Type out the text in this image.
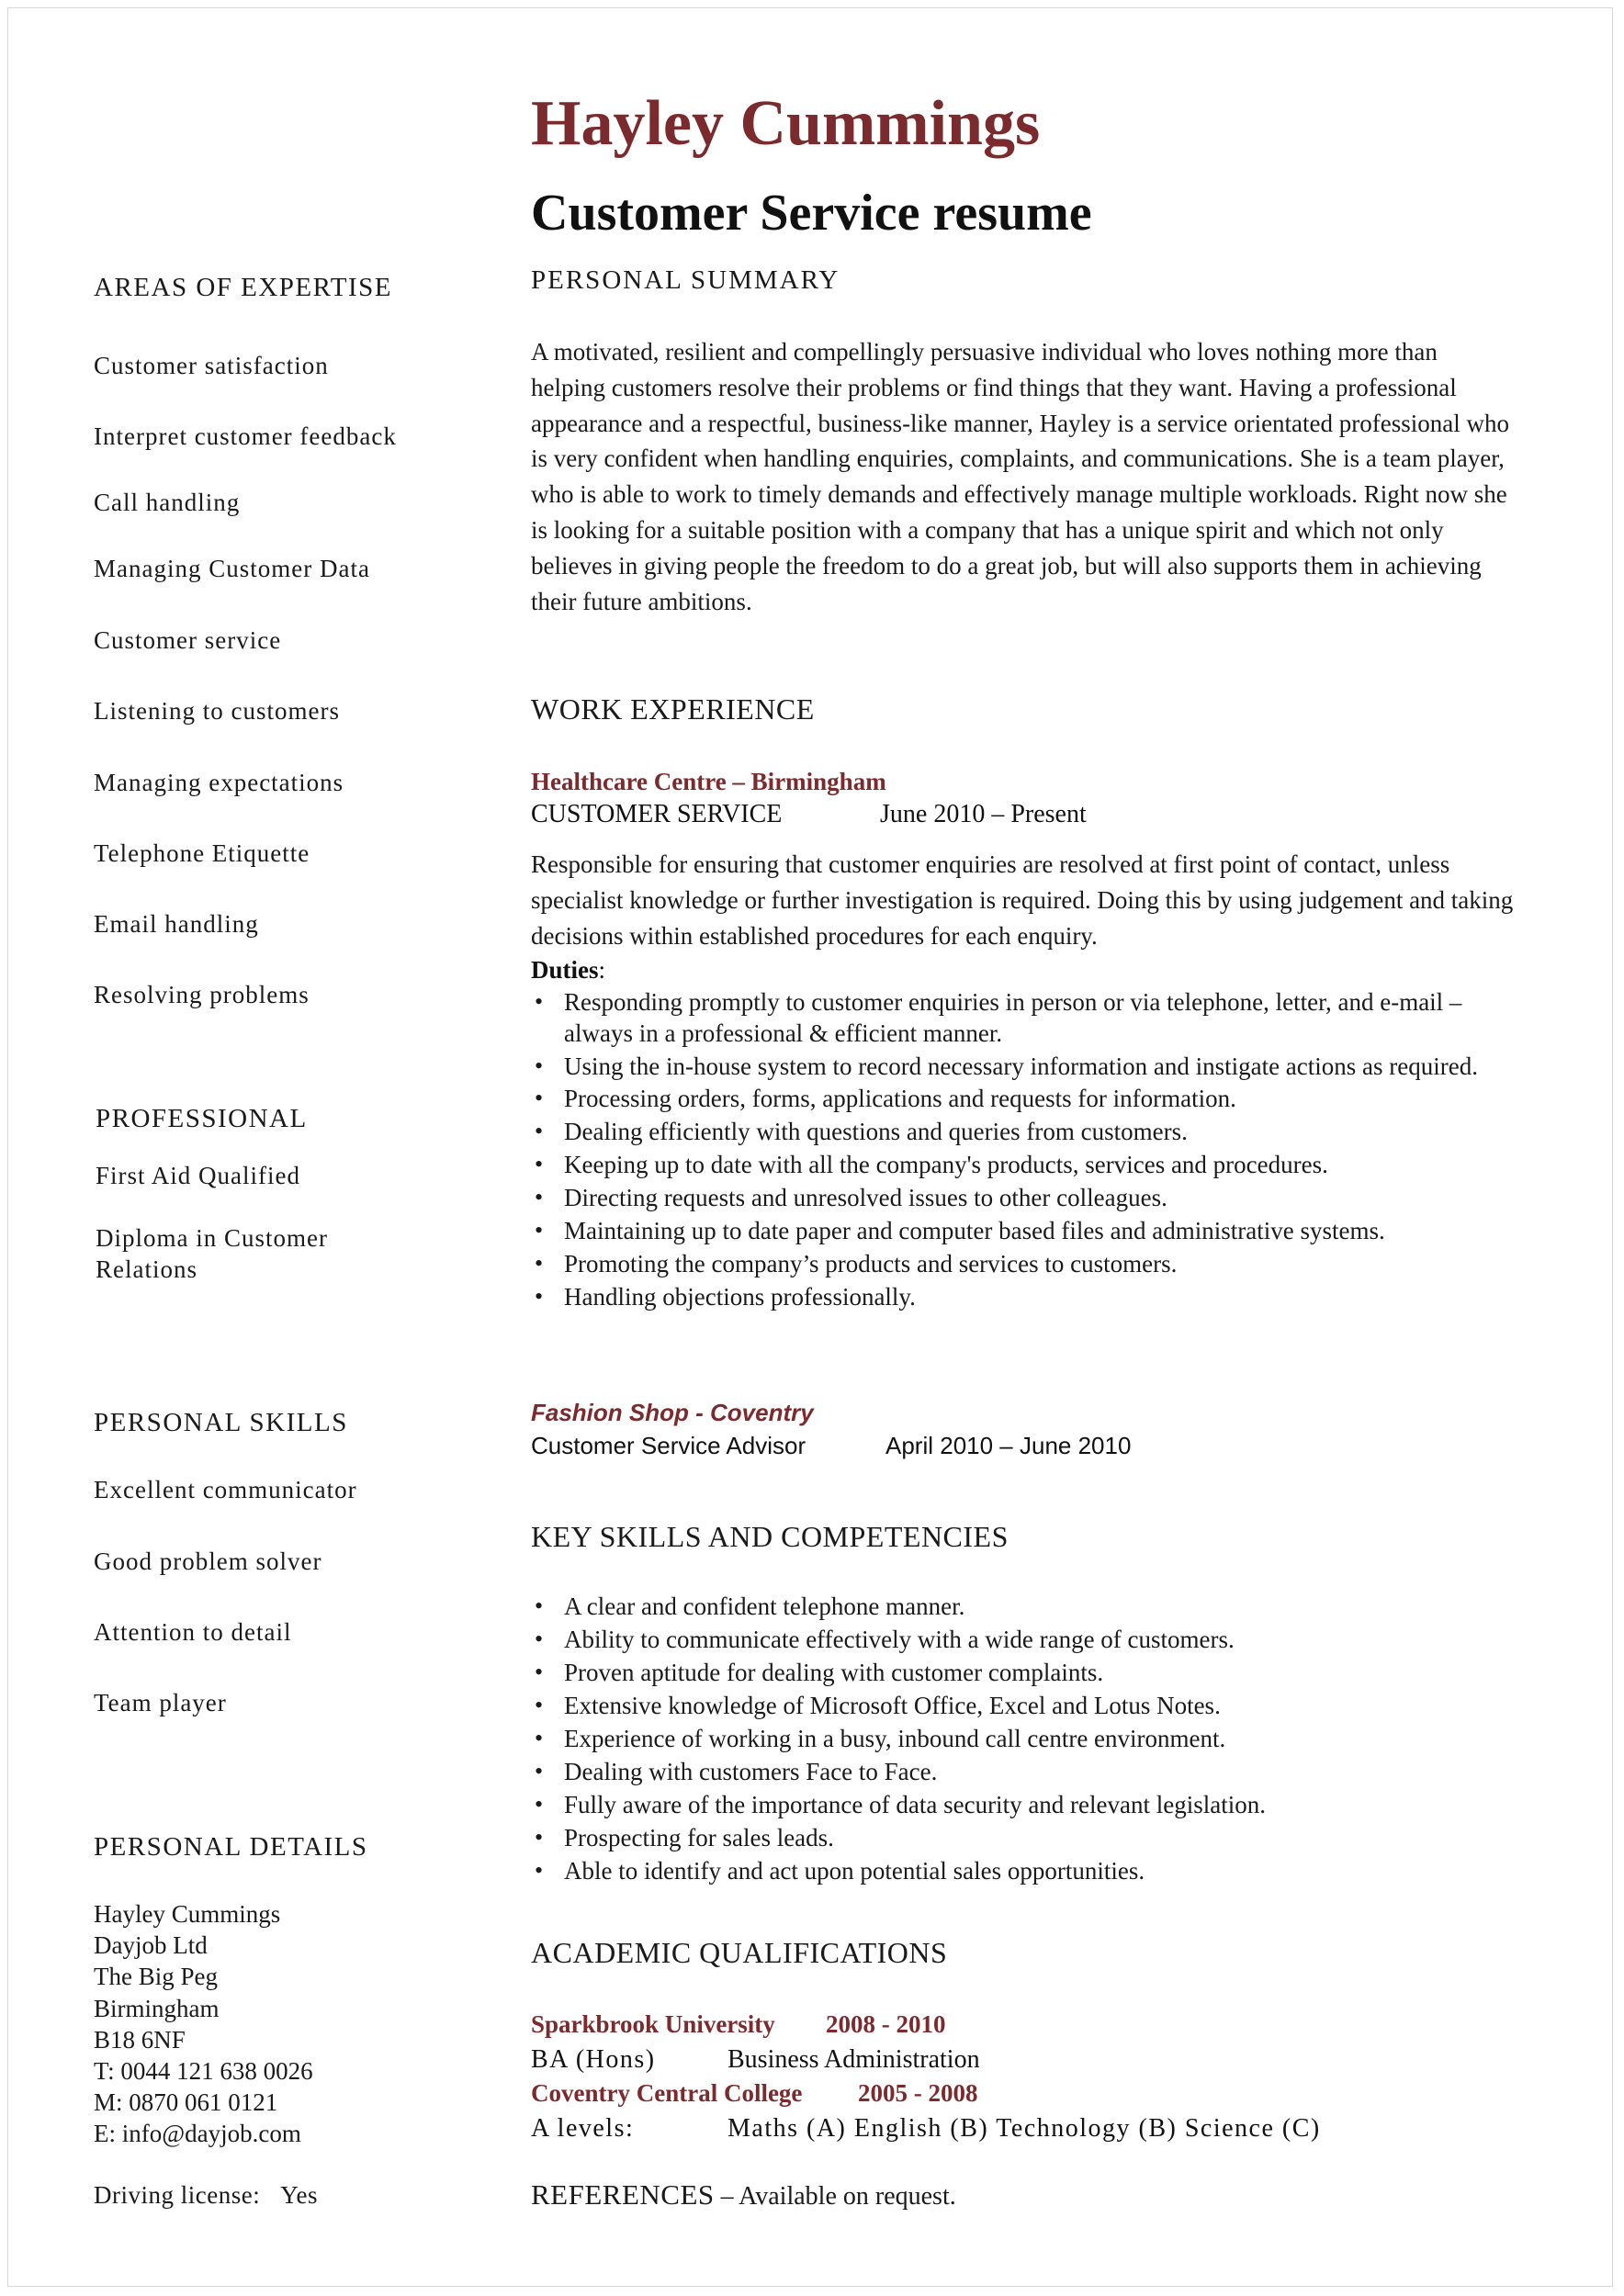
Hayley Cummings
Customer Service resume
AREAS OF EXPERTISE
Customer satisfaction
Interpret customer feedback
Call handling
Managing Customer Data
Customer service
Listening to customers
Managing expectations
Telephone Etiquette
Email handling
Resolving problems
PROFESSIONAL
First Aid Qualified
Diploma in Customer
Relations
PERSONAL SKILLS
Excellent communicator
Good problem solver
Attention to detail
Team player
PERSONAL DETAILS
Hayley Cummings
Dayjob Ltd
The Big Peg
Birmingham
B18 6NF
T: 0044 121 638 0026
M: 0870 061 0121
E: info@dayjob.com
Driving license: Yes
PERSONAL SUMMARY

A motivated, resilient and compellingly persuasive individual who loves nothing more than helping customers resolve their problems or find things that they want. Having a professional appearance and a respectful, business-like manner, Hayley is a service orientated professional who is very confident when handling enquiries, complaints, and communications. She is a team player, who is able to work to timely demands and effectively manage multiple workloads. Right now she is looking for a suitable position with a company that has a unique spirit and which not only believes in giving people the freedom to do a great job, but will also supports them in achieving their future ambitions.

WORK EXPERIENCE
Healthcare Centre – Birmingham
CUSTOMER SERVICE	June 2010 – Present

Responsible for ensuring that customer enquiries are resolved at first point of contact, unless specialist knowledge or further investigation is required. Doing this by using judgement and taking decisions within established procedures for each enquiry.

Duties:
• Responding promptly to customer enquiries in person or via telephone, letter, and e-mail – always in a professional & efficient manner.
• Using the in-house system to record necessary information and instigate actions as required.
• Processing orders, forms, applications and requests for information.
• Dealing efficiently with questions and queries from customers.
• Keeping up to date with all the company's products, services and procedures.
• Directing requests and unresolved issues to other colleagues.
• Maintaining up to date paper and computer based files and administrative systems.
• Promoting the company’s products and services to customers.
• Handling objections professionally.
Fashion Shop - Coventry
Customer Service Advisor	April 2010 – June 2010
KEY SKILLS AND COMPETENCIES
• A clear and confident telephone manner.
• Ability to communicate effectively with a wide range of customers.
• Proven aptitude for dealing with customer complaints.
• Extensive knowledge of Microsoft Office, Excel and Lotus Notes.
• Experience of working in a busy, inbound call centre environment.
• Dealing with customers Face to Face.
• Fully aware of the importance of data security and relevant legislation.
• Prospecting for sales leads.
• Able to identify and act upon potential sales opportunities.
ACADEMIC QUALIFICATIONS
Sparkbrook University 2008 - 2010
BA (Hons)	Business Administration
Coventry Central College 2005 - 2008
A levels:	Maths (A) English (B) Technology (B) Science (C)
REFERENCES – Available on request.
